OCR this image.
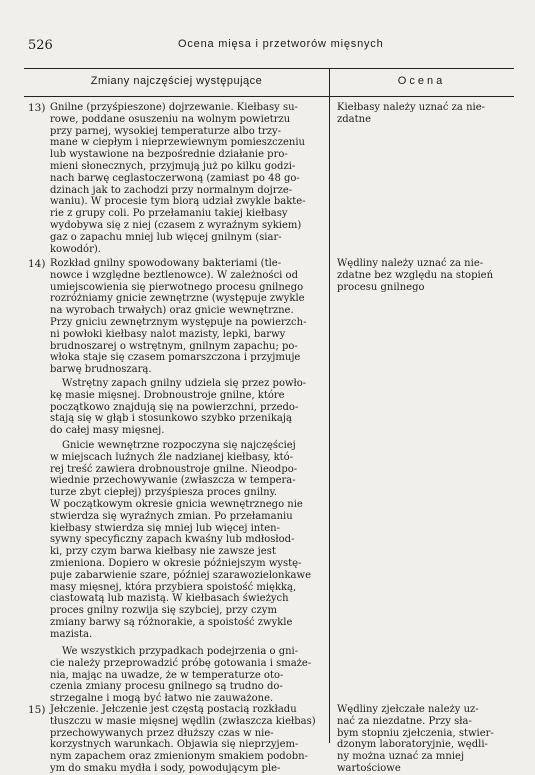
526	Ocena mięsa i przetworów mięsnych
Zmiany najczęściej występujące	Ocena
13) Gnilne (przyśpieszone) dojrzewanie. Kiełbasy su-
rowe, poddane osuszeniu na wolnym powietrzu
przy parnej, wysokiej temperaturze albo trzy-
mane w ciepłym i nieprzewiewnym pomieszczeniu
lub wystawione na bezpośrednie działanie pro-
mieni słonecznych, przyjmują już po kilku godzi-
nach barwę ceglastoczerwoną (zamiast po 48 go-
dzinach jak to zachodzi przy normalnym dojrze-
waniu). W procesie tym biorą udział zwykle bakte-
rie z grupy coli. Po przełamaniu takiej kiełbasy
wydobywa się z niej (czasem z wyraźnym sykiem)
gaz o zapachu mniej lub więcej gnilnym (siar-
kowodór).
Kiełbasy należy uznać za nie-
zdatne
14) Rozkład gnilny spowodowany bakteriami (tle-
nowce i względne beztlenowce). W zależności od
umiejscowienia się pierwotnego procesu gnilnego
rozróżniamy gnicie zewnętrzne (występuje zwykle
na wyrobach trwałych) oraz gnicie wewnętrzne.
Przy gniciu zewnętrznym występuje na powierzch-
ni powłoki kiełbasy nalot mazisty, lepki, barwy
brudnoszarej o wstrętnym, gnilnym zapachu; po-
włoka staje się czasem pomarszczona i przyjmuje
barwę brudnoszarą.
Wstrętny zapach gnilny udziela się przez powło-
kę masie mięsnej. Drobnoustroje gnilne, które
początkowo znajdują się na powierzchni, przedo-
stają się w głąb i stosunkowo szybko przenikają
do całej masy mięsnej.
Gnicie wewnętrzne rozpoczyna się najczęściej
w miejscach luźnych źle nadzianej kiełbasy, któ-
rej treść zawiera drobnoustroje gnilne. Nieodpo-
wiednie przechowywanie (zwłaszcza w tempera-
turze zbyt ciepłej) przyśpiesza proces gnilny.
W początkowym okresie gnicia wewnętrznego nie
stwierdza się wyraźnych zmian. Po przełamaniu
kiełbasy stwierdza się mniej lub więcej inten-
sywny specyficzny zapach kwaśny lub mdłosłod-
ki, przy czym barwa kiełbasy nie zawsze jest
zmieniona. Dopiero w okresie późniejszym wystę-
puje zabarwienie szare, później szarawozielonkawe
masy mięsnej, która przybiera spoistość miękką,
ciastowatą lub mazistą. W kiełbasach świeżych
proces gnilny rozwija się szybciej, przy czym
zmiany barwy są różnorakie, a spoistość zwykle
mazista.
We wszystkich przypadkach podejrzenia o gni-
cie należy przeprowadzić próbę gotowania i smaże-
nia, mając na uwadze, że w temperaturze oto-
czenia zmiany procesu gnilnego są trudno do-
strzegalne i mogą być łatwo nie zauważone.
Wędliny należy uznać za nie-
zdatne bez względu na stopień
procesu gnilnego
15) Jełczenie. Jełczenie jest częstą postacią rozkładu
tłuszczu w masie mięsnej wędlin (zwłaszcza kiełbas)
przechowywanych przez dłuższy czas w nie-
korzystnych warunkach. Objawia się nieprzyjem-
nym zapachem oraz zmienionym smakiem podobn-
ym do smaku mydła i sody, powodującym ple-
Wędliny zjełczałe należy uz-
nać za niezdatne. Przy sła-
bym stopniu zjełczenia, stwier-
dzonym laboratoryjnie, wędli-
ny można uznać za mniej
wartościowe
